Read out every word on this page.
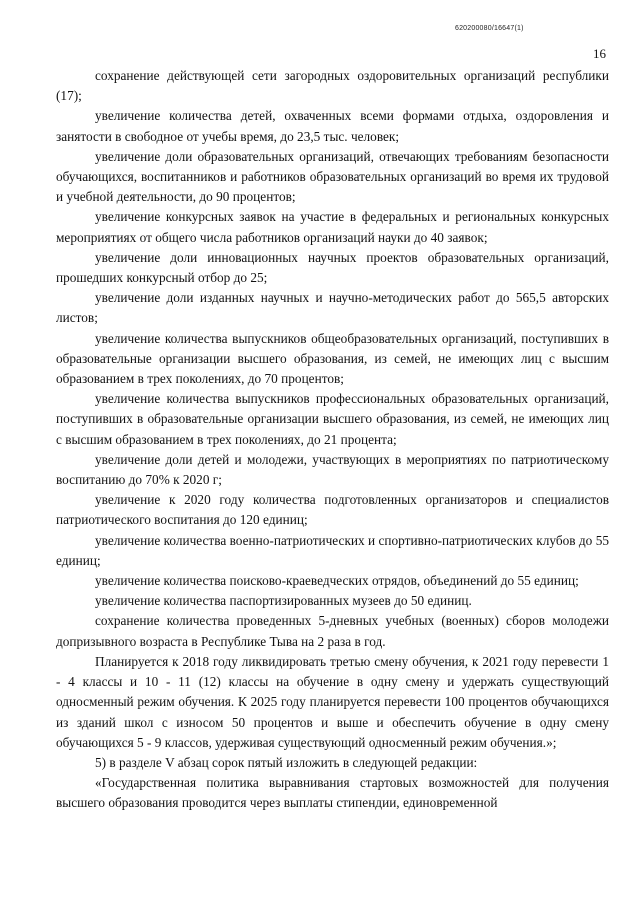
620200080/16647(1)
16

сохранение действующей сети загородных оздоровительных организаций республики (17);

увеличение количества детей, охваченных всеми формами отдыха, оздоровления и занятости в свободное от учебы время, до 23,5 тыс. человек;

увеличение доли образовательных организаций, отвечающих требованиям безопасности обучающихся, воспитанников и работников образовательных организаций во время их трудовой и учебной деятельности, до 90 процентов;

увеличение конкурсных заявок на участие в федеральных и региональных конкурсных мероприятиях от общего числа работников организаций науки до 40 заявок;

увеличение доли инновационных научных проектов образовательных организаций, прошедших конкурсный отбор до 25;

увеличение доли изданных научных и научно-методических работ до 565,5 авторских листов;

увеличение количества выпускников общеобразовательных организаций, поступивших в образовательные организации высшего образования, из семей, не имеющих лиц с высшим образованием в трех поколениях, до 70 процентов;

увеличение количества выпускников профессиональных образовательных организаций, поступивших в образовательные организации высшего образования, из семей, не имеющих лиц с высшим образованием в трех поколениях, до 21 процента;

увеличение доли детей и молодежи, участвующих в мероприятиях по патриотическому воспитанию до 70% к 2020 г;

увеличение к 2020 году количества подготовленных организаторов и специалистов патриотического воспитания до 120 единиц;

увеличение количества военно-патриотических и спортивно-патриотических клубов до 55 единиц;

увеличение количества поисково-краеведческих отрядов, объединений до 55 единиц;

увеличение количества паспортизированных музеев до 50 единиц.

сохранение количества проведенных 5-дневных учебных (военных) сборов молодежи допризывного возраста в Республике Тыва на 2 раза в год.

Планируется к 2018 году ликвидировать третью смену обучения, к 2021 году перевести 1 - 4 классы и 10 - 11 (12) классы на обучение в одну смену и удержать существующий односменный режим обучения. К 2025 году планируется перевести 100 процентов обучающихся из зданий школ с износом 50 процентов и выше и обеспечить обучение в одну смену обучающихся 5 - 9 классов, удерживая существующий односменный режим обучения.»;

5) в разделе V абзац сорок пятый изложить в следующей редакции:

«Государственная политика выравнивания стартовых возможностей для получения высшего образования проводится через выплаты стипендии, единовременной
